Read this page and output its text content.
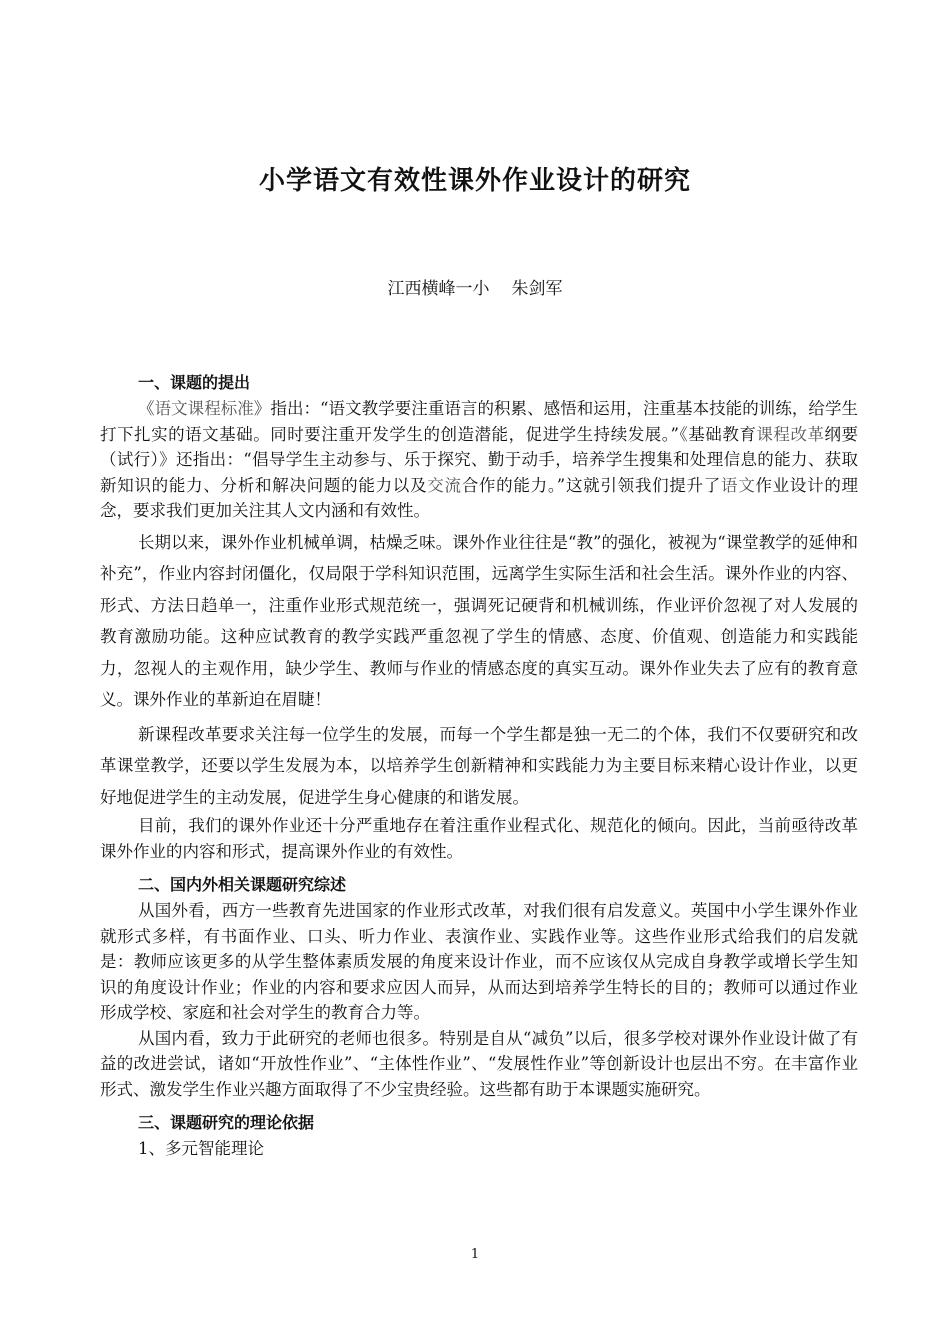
小学语文有效性课外作业设计的研究
江西横峰一小 朱剑军
一、课题的提出

《语文课程标准》指出：“语文教学要注重语言的积累、感悟和运用，注重基本技能的训练，给学生打下扎实的语文基础。同时要注重开发学生的创造潜能，促进学生持续发展。”《基础教育课程改革纲要（试行）》还指出：“倡导学生主动参与、乐于探究、勤于动手，培养学生搜集和处理信息的能力、获取新知识的能力、分析和解决问题的能力以及交流合作的能力。”这就引领我们提升了语文作业设计的理念，要求我们更加关注其人文内涵和有效性。

长期以来，课外作业机械单调，枯燥乏味。课外作业往往是“教”的强化，被视为“课堂教学的延伸和补充”，作业内容封闭僵化，仅局限于学科知识范围，远离学生实际生活和社会生活。课外作业的内容、形式、方法日趋单一，注重作业形式规范统一，强调死记硬背和机械训练，作业评价忽视了对人发展的教育激励功能。这种应试教育的教学实践严重忽视了学生的情感、态度、价值观、创造能力和实践能力，忽视人的主观作用，缺少学生、教师与作业的情感态度的真实互动。课外作业失去了应有的教育意义。课外作业的革新迫在眉睫！

新课程改革要求关注每一位学生的发展，而每一个学生都是独一无二的个体，我们不仅要研究和改革课堂教学，还要以学生发展为本，以培养学生创新精神和实践能力为主要目标来精心设计作业，以更好地促进学生的主动发展，促进学生身心健康的和谐发展。

目前，我们的课外作业还十分严重地存在着注重作业程式化、规范化的倾向。因此，当前亟待改革课外作业的内容和形式，提高课外作业的有效性。

二、国内外相关课题研究综述

从国外看，西方一些教育先进国家的作业形式改革，对我们很有启发意义。英国中小学生课外作业就形式多样，有书面作业、口头、听力作业、表演作业、实践作业等。这些作业形式给我们的启发就是：教师应该更多的从学生整体素质发展的角度来设计作业，而不应该仅从完成自身教学或增长学生知识的角度设计作业；作业的内容和要求应因人而异，从而达到培养学生特长的目的；教师可以通过作业形成学校、家庭和社会对学生的教育合力等。

从国内看，致力于此研究的老师也很多。特别是自从“减负”以后，很多学校对课外作业设计做了有益的改进尝试，诸如“开放性作业”、“主体性作业”、“发展性作业”等创新设计也层出不穷。在丰富作业形式、激发学生作业兴趣方面取得了不少宝贵经验。这些都有助于本课题实施研究。

三、课题研究的理论依据

1、多元智能理论

1
